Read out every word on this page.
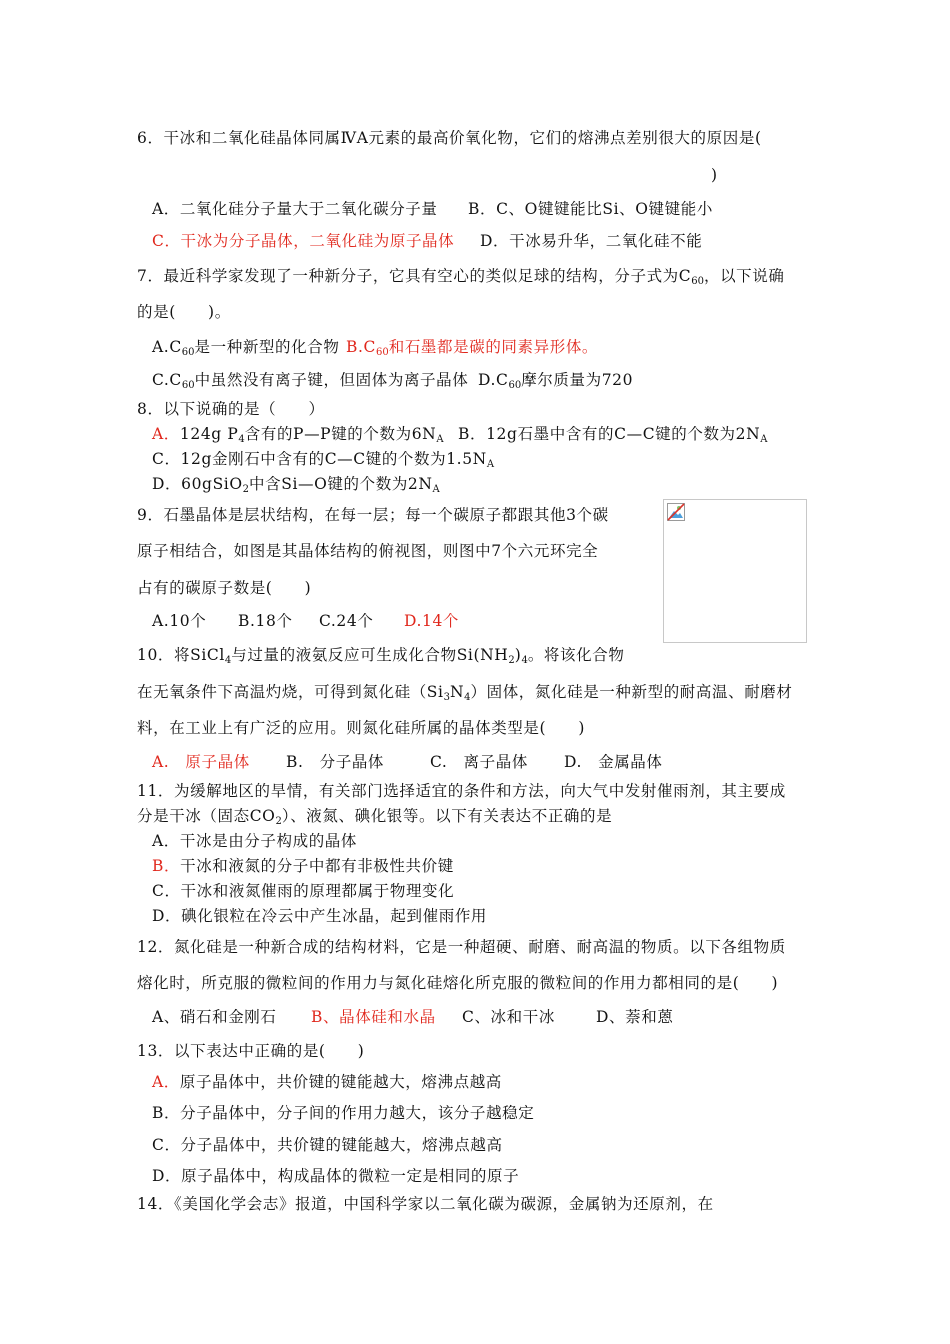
6．干冰和二氧化硅晶体同属ⅣA元素的最高价氧化物，它们的熔沸点差别很大的原因是(
)
A．二氧化硅分子量大于二氧化碳分子量 B．C、O键键能比Si、O键键能小
C．干冰为分子晶体，二氧化硅为原子晶体 D．干冰易升华，二氧化硅不能
7．最近科学家发现了一种新分子，它具有空心的类似足球的结构，分子式为$C_{60}$，以下说确
的是(　　)。
$A.C_{60}$是一种新型的化合物 $B.C_{60}$和石墨都是碳的同素异形体。
$C.C_{60}$中虽然没有离子键，但固体为离子晶体 $D.C_{60}$摩尔质量为720
8．以下说确的是（　　）
A．124g $P_4$含有的P—P键的个数为$6N_A$ B．12g石墨中含有的C—C键的个数为$2N_A$
C．12g金刚石中含有的C—C键的个数为$1.5N_A$
D．60gSiO$_2$中含Si—O键的个数为$2N_A$
9．石墨晶体是层状结构，在每一层；每一个碳原子都跟其他3个碳
原子相结合，如图是其晶体结构的俯视图，则图中7个六元环完全
占有的碳原子数是(　　)
A.10个 B.18个 C.24个 D.14个
10．将SiCl$_4$与过量的液氨反应可生成化合物$Si(NH_2)_4$。将该化合物
在无氧条件下高温灼烧，可得到氮化硅$(Si_3N_4)$固体，氮化硅是一种新型的耐高温、耐磨材
料，在工业上有广泛的应用。则氮化硅所属的晶体类型是(　　)
A.　原子晶体 B.　分子晶体	C.　离子晶体 D.　金属晶体
11．为缓解地区的旱情，有关部门选择适宜的条件和方法，向大气中发射催雨剂，其主要成
分是干冰（固态$CO_2$）、液氮、碘化银等。以下有关表达不正确的是
A．干冰是由分子构成的晶体
B．干冰和液氮的分子中都有非极性共价键
C．干冰和液氮催雨的原理都属于物理变化
D．碘化银粒在冷云中产生冰晶，起到催雨作用
12．氮化硅是一种新合成的结构材料，它是一种超硬、耐磨、耐高温的物质。以下各组物质
熔化时，所克服的微粒间的作用力与氮化硅熔化所克服的微粒间的作用力都相同的是(　　)
A、硝石和金刚石 B、晶体硅和水晶 C、冰和干冰	D、萘和蒽
13．以下表达中正确的是(　　)
A．原子晶体中，共价键的键能越大，熔沸点越高
B．分子晶体中，分子间的作用力越大，该分子越稳定
C．分子晶体中，共价键的键能越大，熔沸点越高
D．原子晶体中，构成晶体的微粒一定是相同的原子
14．《美国化学会志》报道，中国科学家以二氧化碳为碳源，金属钠为还原剂，在
